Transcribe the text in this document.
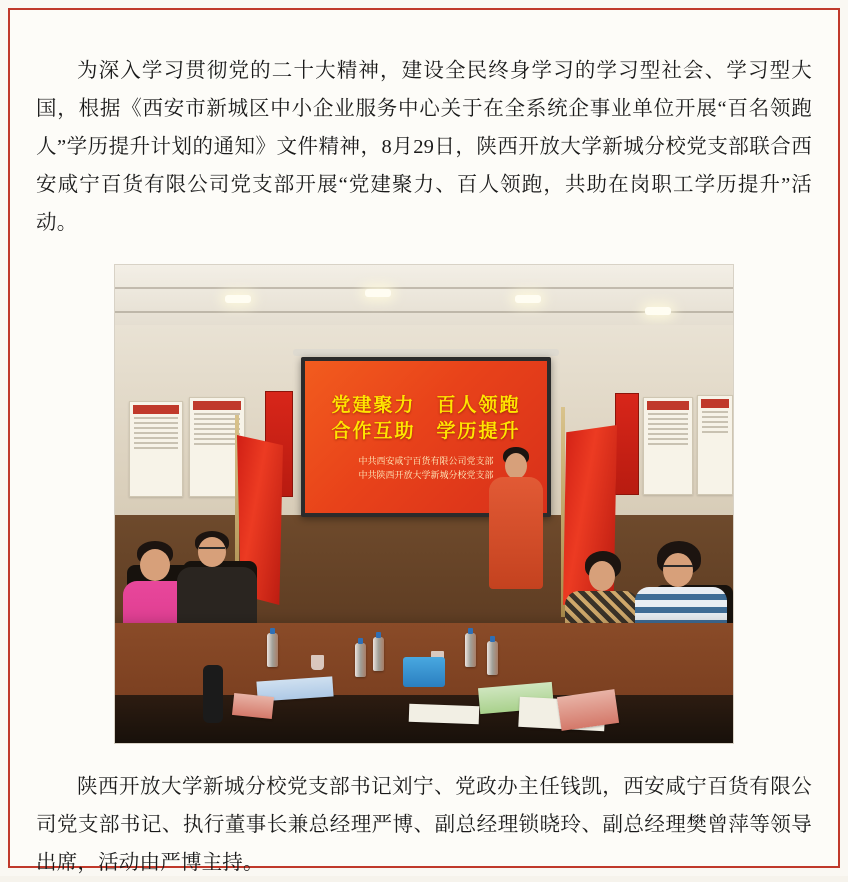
为深入学习贯彻党的二十大精神，建设全民终身学习的学习型社会、学习型大国，根据《西安市新城区中小企业服务中心关于在全系统企事业单位开展“百名领跑人”学历提升计划的通知》文件精神，8月29日，陕西开放大学新城分校党支部联合西安咸宁百货有限公司党支部开展“党建聚力、百人领跑，共助在岗职工学历提升”活动。

党建聚力　百人领跑
合作互助　学历提升
中共西安咸宁百货有限公司党支部
中共陕西开放大学新城分校党支部

陕西开放大学新城分校党支部书记刘宁、党政办主任钱凯，西安咸宁百货有限公司党支部书记、执行董事长兼总经理严博、副总经理锁晓玲、副总经理樊曾萍等领导出席，活动由严博主持。
